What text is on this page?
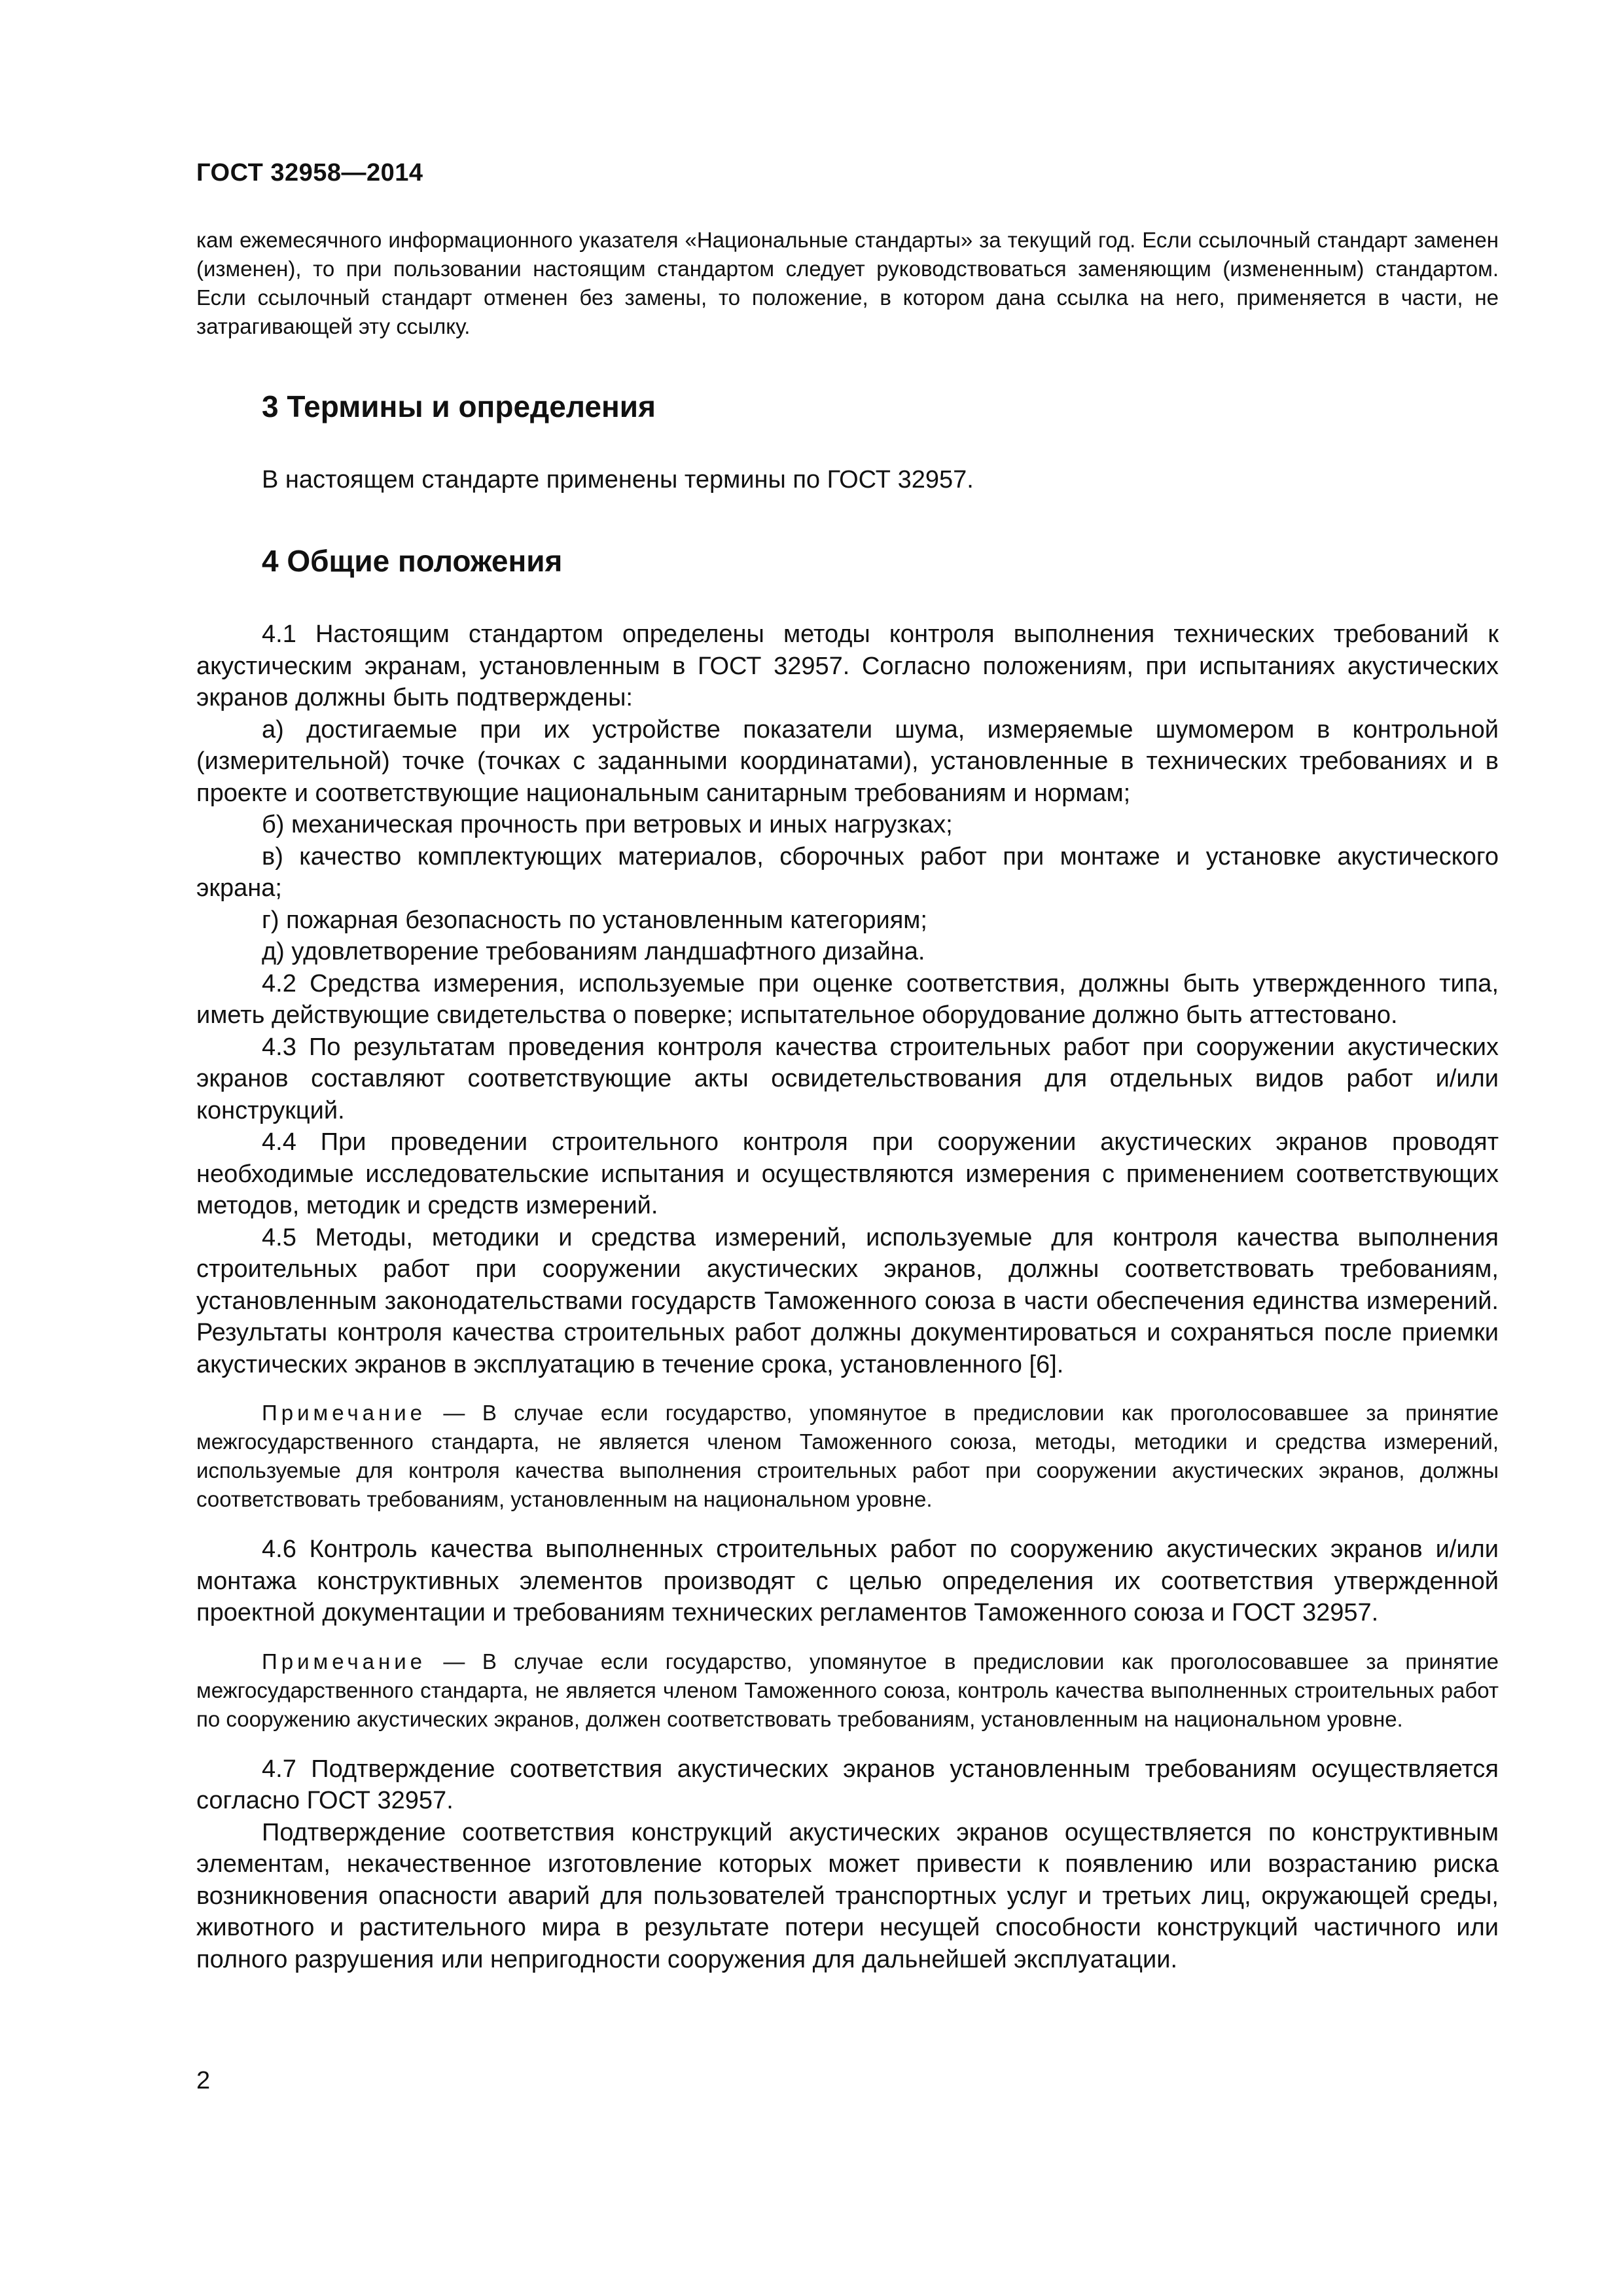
ГОСТ 32958—2014

кам ежемесячного информационного указателя «Национальные стандарты» за текущий год. Если ссылочный стандарт заменен (изменен), то при пользовании настоящим стандартом следует руководствоваться заменяющим (измененным) стандартом. Если ссылочный стандарт отменен без замены, то положение, в котором дана ссылка на него, применяется в части, не затрагивающей эту ссылку.

3 Термины и определения

В настоящем стандарте применены термины по ГОСТ 32957.

4 Общие положения

4.1 Настоящим стандартом определены методы контроля выполнения технических требований к акустическим экранам, установленным в ГОСТ 32957. Согласно положениям, при испытаниях акустических экранов должны быть подтверждены:

а) достигаемые при их устройстве показатели шума, измеряемые шумомером в контрольной (измерительной) точке (точках с заданными координатами), установленные в технических требованиях и в проекте и соответствующие национальным санитарным требованиям и нормам;

б) механическая прочность при ветровых и иных нагрузках;

в) качество комплектующих материалов, сборочных работ при монтаже и установке акустического экрана;

г) пожарная безопасность по установленным категориям;

д) удовлетворение требованиям ландшафтного дизайна.

4.2 Средства измерения, используемые при оценке соответствия, должны быть утвержденного типа, иметь действующие свидетельства о поверке; испытательное оборудование должно быть аттестовано.

4.3 По результатам проведения контроля качества строительных работ при сооружении акустических экранов составляют соответствующие акты освидетельствования для отдельных видов работ и/или конструкций.

4.4 При проведении строительного контроля при сооружении акустических экранов проводят необходимые исследовательские испытания и осуществляются измерения с применением соответствующих методов, методик и средств измерений.

4.5 Методы, методики и средства измерений, используемые для контроля качества выполнения строительных работ при сооружении акустических экранов, должны соответствовать требованиям, установленным законодательствами государств Таможенного союза в части обеспечения единства измерений. Результаты контроля качества строительных работ должны документироваться и сохраняться после приемки акустических экранов в эксплуатацию в течение срока, установленного [6].

Примечание — В случае если государство, упомянутое в предисловии как проголосовавшее за принятие межгосударственного стандарта, не является членом Таможенного союза, методы, методики и средства измерений, используемые для контроля качества выполнения строительных работ при сооружении акустических экранов, должны соответствовать требованиям, установленным на национальном уровне.

4.6 Контроль качества выполненных строительных работ по сооружению акустических экранов и/или монтажа конструктивных элементов производят с целью определения их соответствия утвержденной проектной документации и требованиям технических регламентов Таможенного союза и ГОСТ 32957.

Примечание — В случае если государство, упомянутое в предисловии как проголосовавшее за принятие межгосударственного стандарта, не является членом Таможенного союза, контроль качества выполненных строительных работ по сооружению акустических экранов, должен соответствовать требованиям, установленным на национальном уровне.

4.7 Подтверждение соответствия акустических экранов установленным требованиям осуществляется согласно ГОСТ 32957.

Подтверждение соответствия конструкций акустических экранов осуществляется по конструктивным элементам, некачественное изготовление которых может привести к появлению или возрастанию риска возникновения опасности аварий для пользователей транспортных услуг и третьих лиц, окружающей среды, животного и растительного мира в результате потери несущей способности конструкций частичного или полного разрушения или непригодности сооружения для дальнейшей эксплуатации.

2
